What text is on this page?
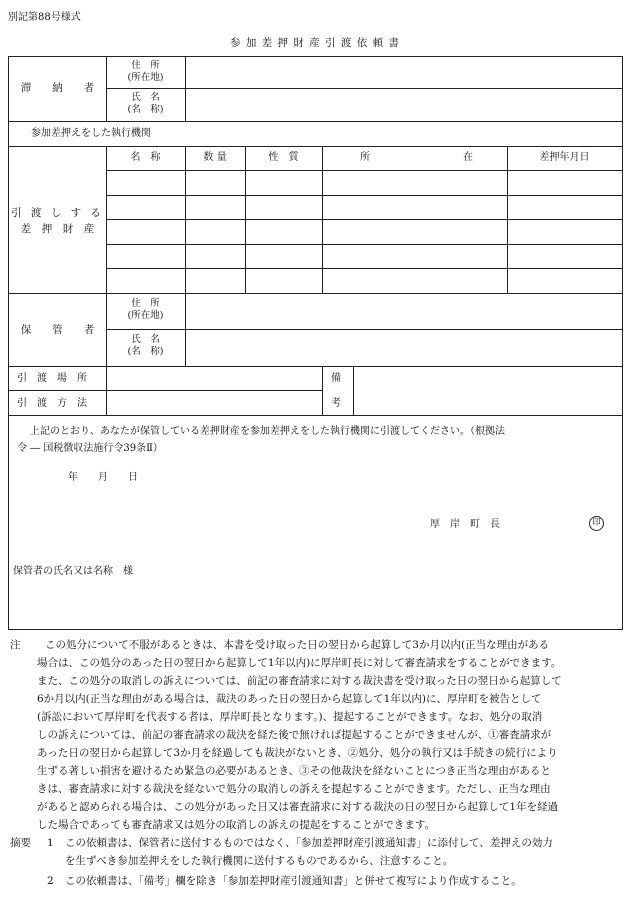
別記第88号様式
参 加 差 押 財 産 引 渡 依 頼 書
滞　　納　　者
住　所
(所在地)
氏　名
(名　称)
参加差押えをした執行機関
引 渡 し す る
差　押　財　産
名　称	数 量	性　質	所	在	差押年月日
保　　管　　者
住　所
(所在地)
氏　名
(名　称)
引　渡　場　所
引　渡　方　法
備
考
上記のとおり、あなたが保管している差押財産を参加差押えをした執行機関に引渡してください。（根拠法
令 ― 国税徴収法施行令39条Ⅱ）
年　　月　　日
厚　岸　町　長	印
保管者の氏名又は名称　様
注	この処分について不服があるときは、本書を受け取った日の翌日から起算して3か月以内(正当な理由がある
場合は、この処分のあった日の翌日から起算して1年以内)に厚岸町長に対して審査請求をすることができます。
また、この処分の取消しの訴えについては、前記の審査請求に対する裁決書を受け取った日の翌日から起算して
6か月以内(正当な理由がある場合は、裁決のあった日の翌日から起算して1年以内)に、厚岸町を被告として
(訴訟において厚岸町を代表する者は、厚岸町長となります。)、提起することができます。なお、処分の取消
しの訴えについては、前記の審査請求の裁決を経た後で無ければ提起することができませんが、①審査請求が
あった日の翌日から起算して3か月を経過しても裁決がないとき、②処分、処分の執行又は手続きの続行により
生ずる著しい損害を避けるため緊急の必要があるとき、③その他裁決を経ないことにつき正当な理由があると
きは、審査請求に対する裁決を経ないで処分の取消しの訴えを提起することができます。ただし、正当な理由
があると認められる場合は、この処分があった日又は審査請求に対する裁決の日の翌日から起算して1年を経過
した場合であっても審査請求又は処分の取消しの訴えの提起をすることができます。
摘要	1	この依頼書は、保管者に送付するものではなく、「参加差押財産引渡通知書」に添付して、差押えの効力
を生ずべき参加差押えをした執行機関に送付するものであるから、注意すること。
2	この依頼書は、「備考」欄を除き「参加差押財産引渡通知書」と併せて複写により作成すること。
